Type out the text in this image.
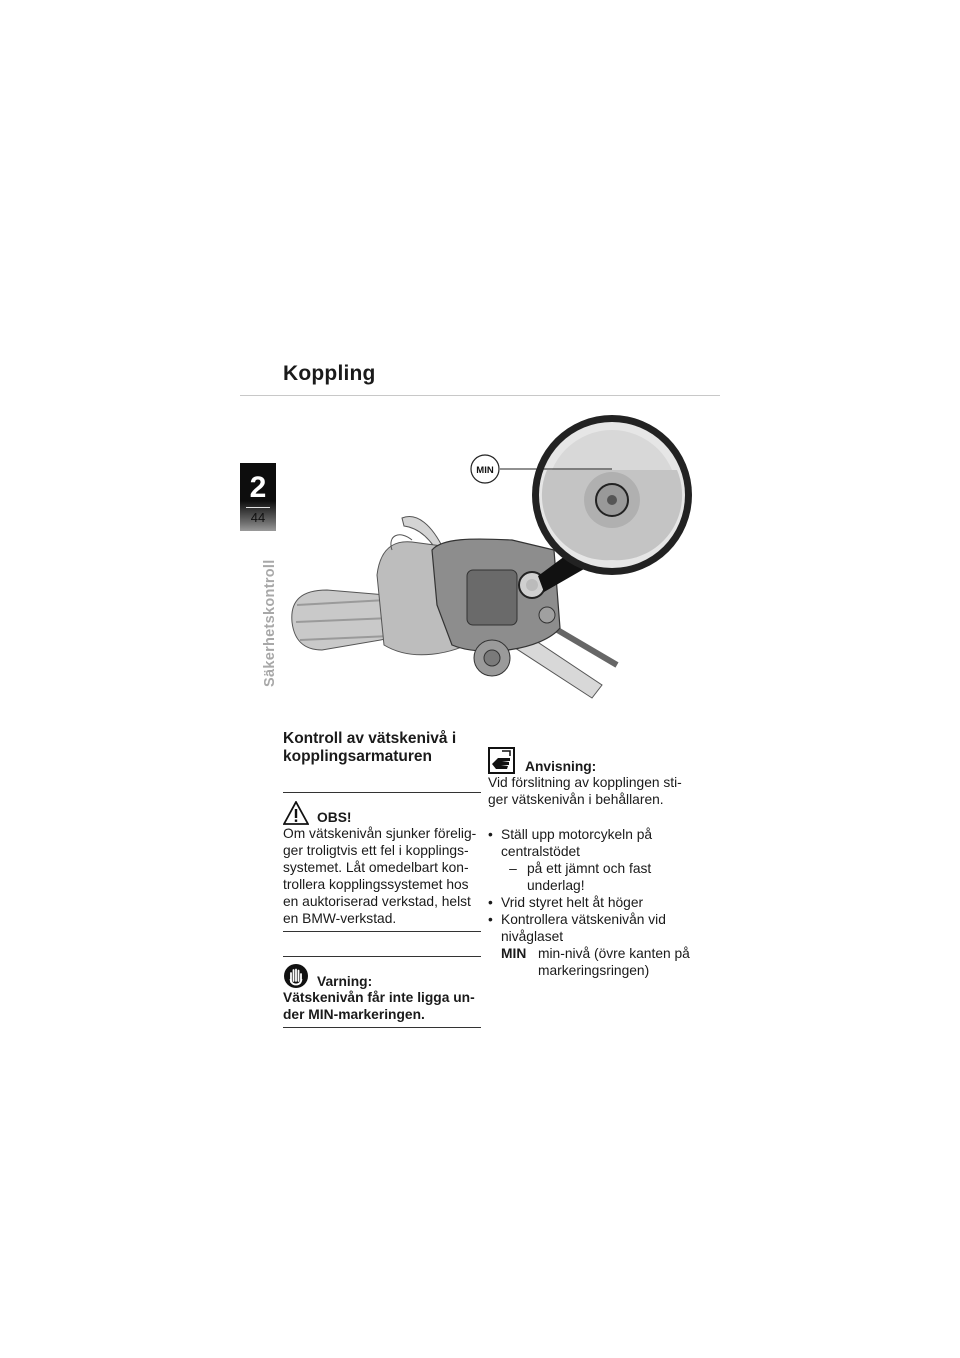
Koppling
2
44
Säkerhetskontroll
MIN
Kontroll av vätskenivå i kopplingsarmaturen
OBS!

Om vätskenivån sjunker förelig-ger troligtvis ett fel i kopplings-systemet. Låt omedelbart kon-trollera kopplingssystemet hos en auktoriserad verkstad, helst en BMW-verkstad.

Varning:

Vätskenivån får inte ligga un-der MIN-markeringen.

Anvisning:

Vid förslitning av kopplingen sti-ger vätskenivån i behållaren.

• Ställ upp motorcykeln på centralstödet
– på ett jämnt och fast underlag!
• Vrid styret helt åt höger
• Kontrollera vätskenivån vid nivåglaset
MIN min-nivå (övre kanten på markeringsringen)
